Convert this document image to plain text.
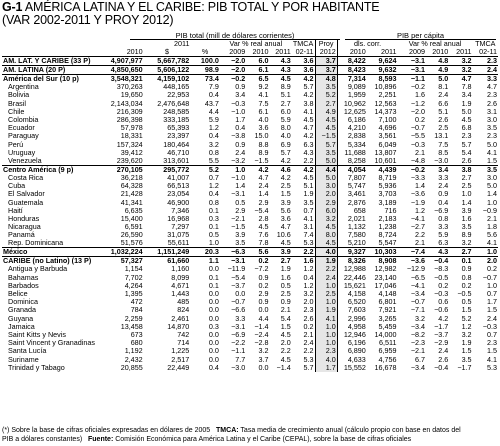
G-1 AMÉRICA LATINA Y EL CARIBE: PIB TOTAL Y POR HABITANTE
(VAR 2002-2011 Y PROY 2012)
PIB total (mill de dólares corrientes)	PIB per cápita
		2011		Var % real anual			TMCA	Proy	dls. corr.		Var % real anual			TMCA
	2010	$	%	2009	2010	2011	02-11	2012	2010	2011	2009	2010	2011	02-11
AM. LAT. Y CARIBE (33 P)	4,907,977	5,667,782	100.0	−2.0	6.0	4.3	3.6	3.7	8,422	9,624	−3.1	4.8	3.2	2.3
AM. LATINA (20 P)	4,850,650	5,606,122	98.9	−2.0	6.1	4.3	3.6	3.7	8,423	9,632	−3.1	4.9	3.2	2.4
América del Sur (10 p)	3,548,321	4,159,102	73.4	−0.2	6.5	4.5	4.2	4.8	7,314	8,593	−1.1	5.0	4.7	3.3
Argentina	370,263	448,165	7.9	0.9	9.2	8.9	5.7	3.5	9,089	10,896	−0.2	8.1	7.8	4.7
Bolivia	19,650	22,953	0.4	3.4	4.1	5.1	4.2	5.2	1,959	2,251	1.6	2.4	3.4	2.3
Brasil	2,143,034	2,476,648	43.7	−0.3	7.5	2.7	3.8	2.7	10,962	12,563	−1.2	6.6	1.9	2.6
Chile	216,309	248,585	4.4	−1.0	6.1	6.0	4.1	4.9	12,625	14,373	−2.0	5.1	5.0	3.1
Colombia	286,398	333,185	5.9	1.7	4.0	5.9	4.5	4.5	6,186	7,100	0.2	2.6	4.5	3.0
Ecuador	57,978	65,393	1.2	0.4	3.6	8.0	4.7	4.5	4,210	4,696	−0.7	2.5	6.8	3.5
Paraguay	18,331	23,397	0.4	−3.8	15.0	4.0	4.2	−1.5	2,838	3,561	−5.5	13.1	2.3	2.3
Perú	157,324	180,464	3.2	0.9	8.8	6.9	6.3	5.7	5,334	6,049	−0.3	7.5	5.7	5.0
Uruguay	39,412	46,710	0.8	2.4	8.9	5.7	4.3	3.5	11,688	13,807	2.1	8.5	5.4	4.1
Venezuela	239,620	313,601	5.5	−3.2	−1.5	4.2	2.2	5.0	8,258	10,601	−4.8	−3.0	2.6	1.5
Centro América (9 p)	270,105	295,772	5.2	1.0	4.2	4.6	4.2	4.4	4,054	4,439	−0.2	3.4	3.8	3.5
Costa Rica	36,218	41,007	0.7	−1.0	4.7	4.2	4.5	5.0	7,807	8,719	−3.3	3.3	2.7	3.0
Cuba	64,328	66,513	1.2	1.4	2.4	2.5	5.1	3.0	5,747	5,936	1.4	2.4	2.5	5.0
El Salvador	21,428	23,054	0.4	−3.1	1.4	1.5	1.9	2.0	3,461	3,703	−3.6	0.9	1.0	1.4
Guatemala	41,341	46,900	0.8	0.5	2.9	3.9	3.5	2.9	2,876	3,189	−1.9	0.4	1.4	1.0
Haití	6,635	7,346	0.1	2.9	−5.4	5.6	0.7	6.0	658	716	1.2	−6.9	3.9	−0.9
Honduras	15,400	16,968	0.3	−2.1	2.8	3.6	4.1	3.2	2,021	2,183	−4.1	0.8	1.6	2.1
Nicaragua	6,591	7,297	0.1	−1.5	4.5	4.7	3.1	4.5	1,132	1,238	−2.7	3.3	3.5	1.8
Panamá	26,590	31,075	0.5	3.9	7.6	10.6	7.4	8.0	7,580	8,724	2.2	5.9	8.9	5.6
Rep. Dominicana	51,576	55,611	1.0	3.5	7.8	4.5	5.3	4.5	5,210	5,547	2.1	6.3	3.2	4.1
México	1,032,224	1,151,249	20.3	−6.3	5.6	3.9	2.2	4.0	9,327	10,303	−7.4	4.3	2.7	1.0
CARIBE (no Latino) (13 P)	57,327	61,660	1.1	−3.1	0.2	2.7	1.6	1.9	8,326	8,908	−3.6	−0.4	0.1	2.0
Antigua y Barbuda	1,154	1,160	0.0	−11.9	−7.2	1.9	1.2	2.2	12,988	12,982	−12.9	−8.3	0.9	0.2
Bahamas	7,702	8,099	0.1	−5.4	0.9	1.6	0.4	2.4	22,446	23,140	−6.5	−0.5	0.8	−0.7
Barbados	4,264	4,671	0.1	−3.7	0.2	0.5	1.2	1.0	15,621	17,046	−4.1	0.2	0.2	1.0
Belice	1,395	1,443	0.0	0.0	2.9	2.5	3.2	2.5	4,158	4,148	−3.4	−0.3	−0.5	0.7
Dominica	472	485	0.0	−0.7	0.9	0.9	2.0	1.0	6,520	6,801	−0.7	0.6	0.5	1.7
Granada	784	824	0.0	−6.6	0.0	2.1	2.3	1.9	7,603	7,921	−7.1	−0.6	1.5	1.5
Guyana	2,259	2,461	0.0	3.3	4.4	5.4	2.6	4.1	2,996	3,265	3.2	4.2	5.2	2.4
Jamaica	13,458	14,870	0.3	−3.1	−1.4	1.5	0.2	1.0	4,958	5,459	−3.4	−1.7	1.2	−0.3
Saint Kitts y Nevis	673	742	0.0	−6.9	−2.4	4.5	2.1	1.0	12,946	14,000	−8.2	−3.7	3.2	0.7
Saint Vincent y Granadinas	680	714	0.0	−2.2	−2.8	2.0	2.4	1.0	6,196	6,511	−2.3	−2.9	1.9	2.3
Santa Lucía	1,192	1,225	0.0	−1.1	3.2	2.2	2.2	2.3	6,890	6,959	−2.1	2.4	1.5	1.5
Suriname	2,432	2,517	0.0	7.7	3.7	4.5	5.3	4.0	4,633	4,756	6.7	2.6	3.5	4.1
Trinidad y Tabago	20,855	22,449	0.4	−3.0	0.0	−1.4	5.7	1.7	15,552	16,678	−3.4	−0.4	−1.7	5.3
(*) Sobre la base de cifras oficiales expresadas en dólares de 2005 TMCA: Tasa media de crecimiento anual (cálculo propio con base en datos del
PIB a dólares constantes) Fuente: Comisión Económica para América Latina y el Caribe (CEPAL), sobre la base de cifras oficiales
